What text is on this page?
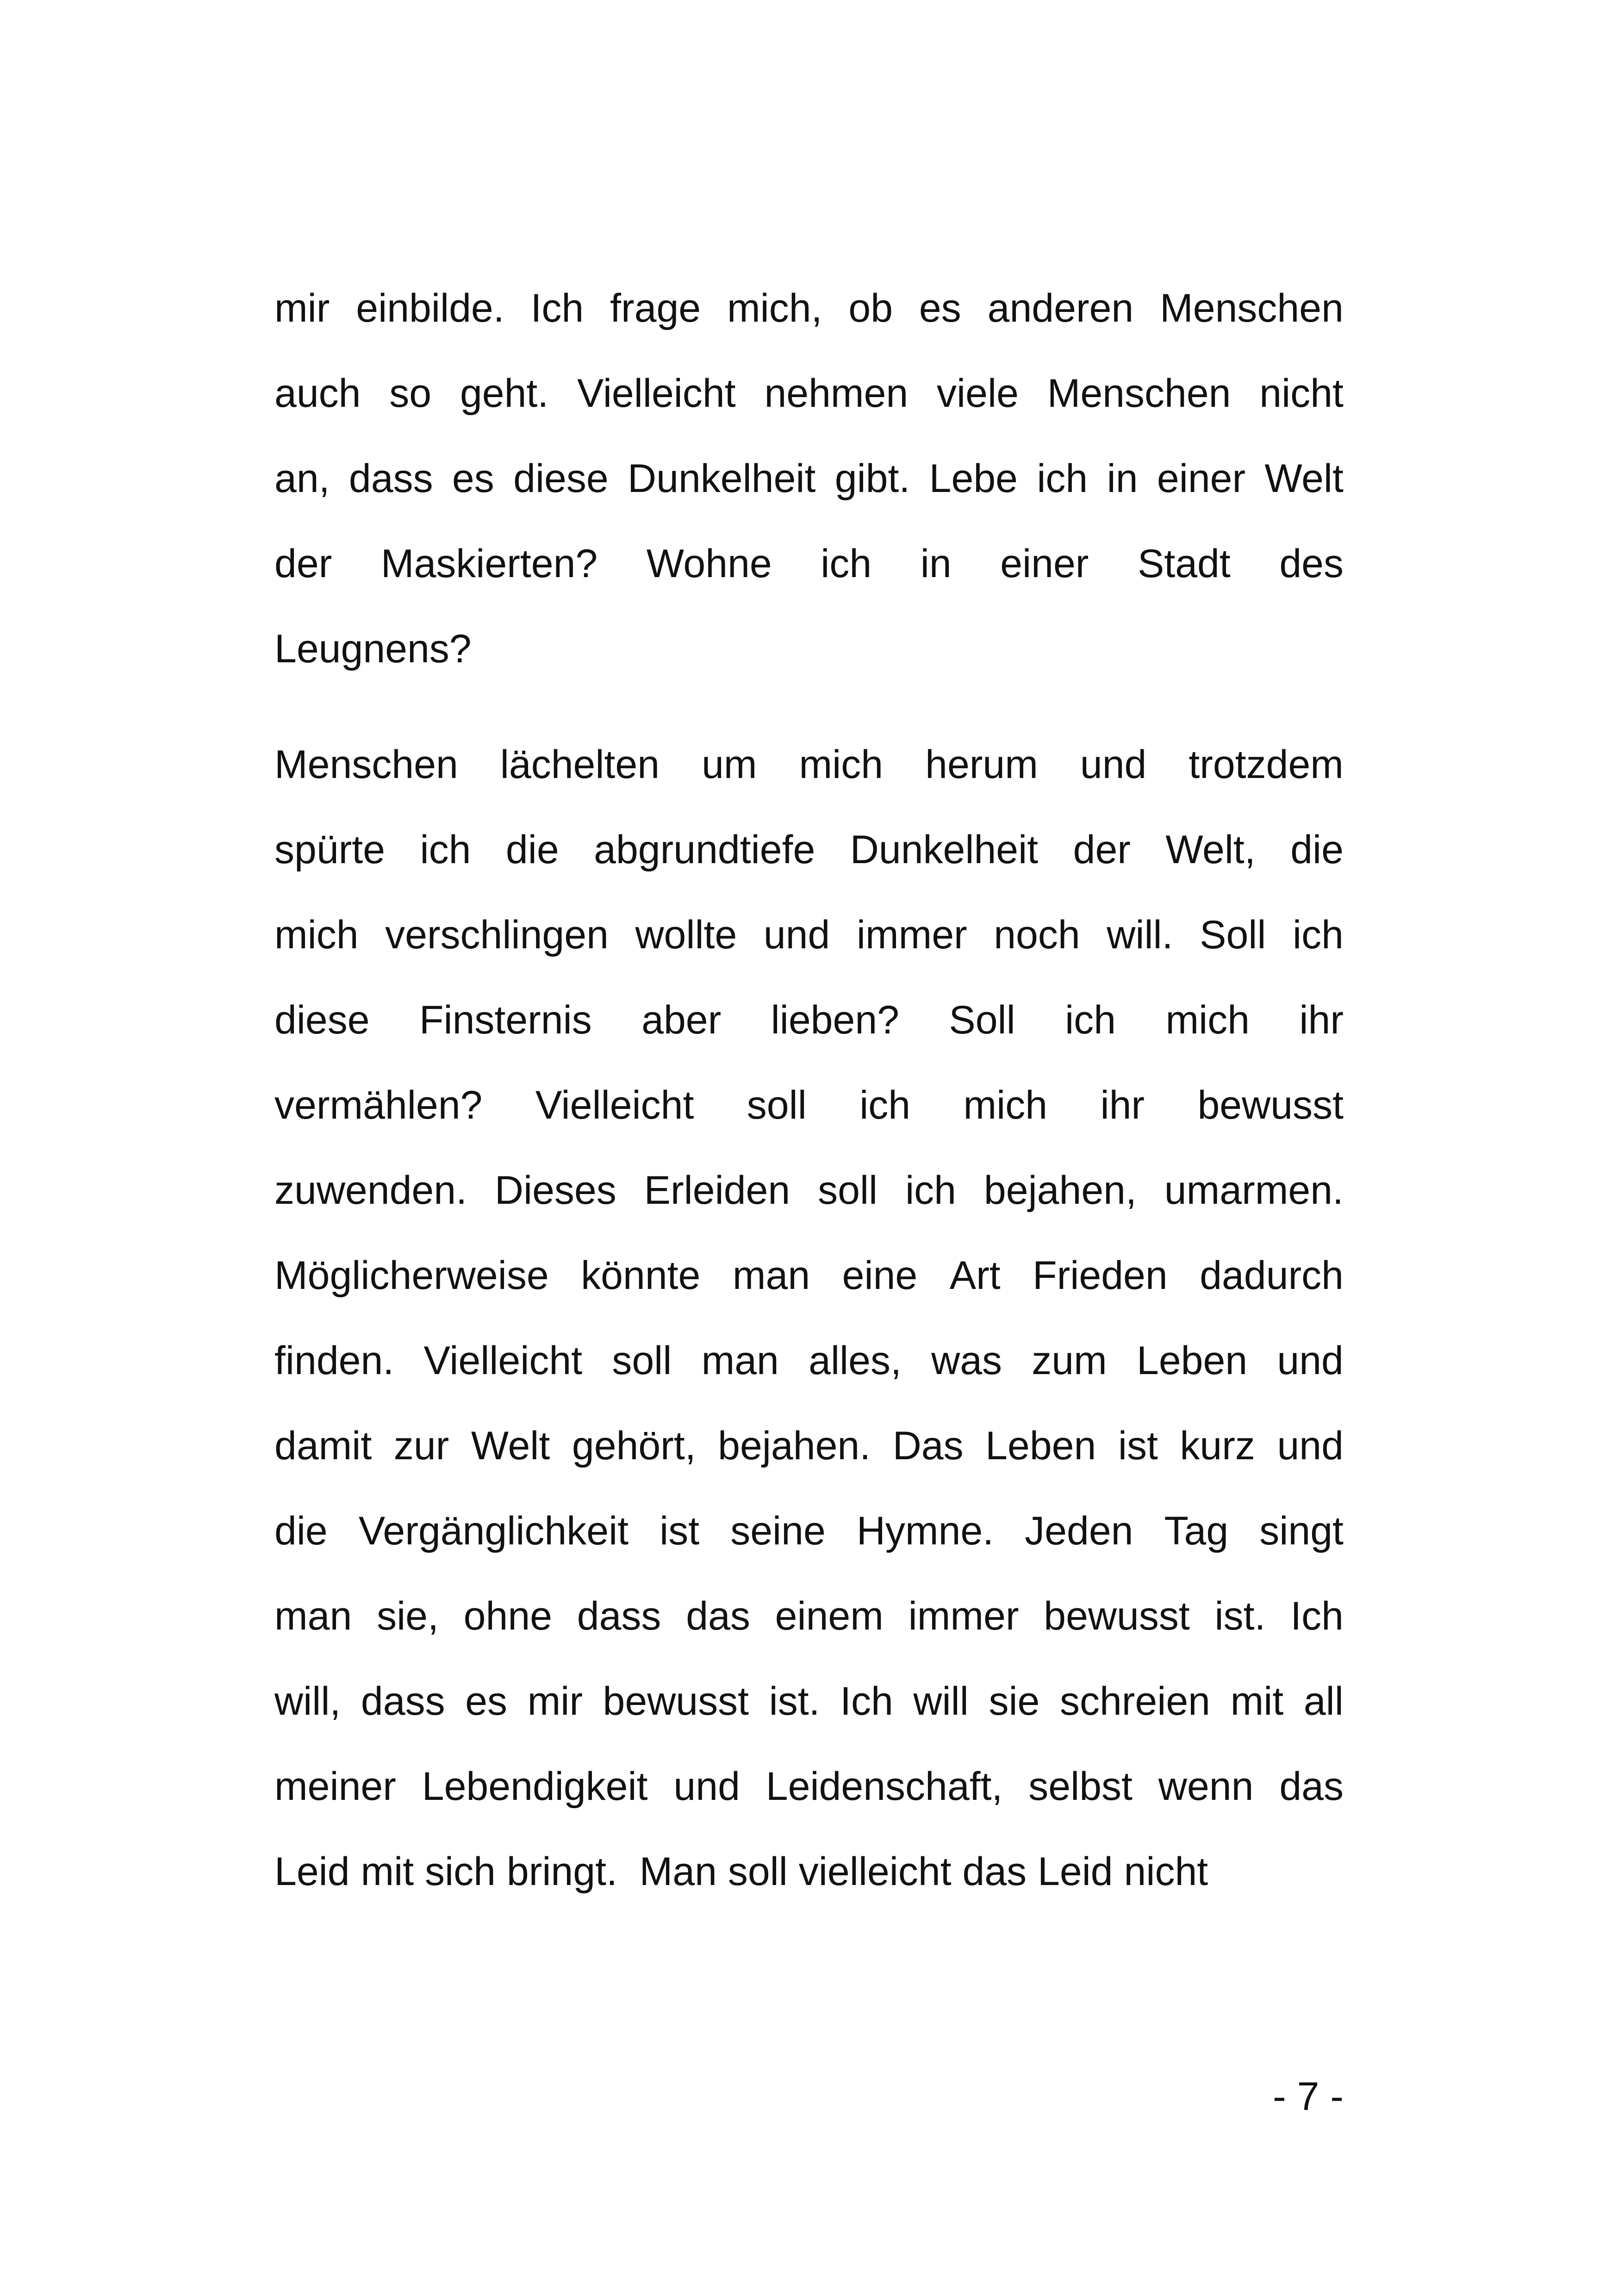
mir einbilde. Ich frage mich, ob es anderen Menschen
auch so geht. Vielleicht nehmen viele Menschen nicht
an, dass es diese Dunkelheit gibt. Lebe ich in einer Welt
der Maskierten? Wohne ich in einer Stadt des
Leugnens?
Menschen lächelten um mich herum und trotzdem
spürte ich die abgrundtiefe Dunkelheit der Welt, die
mich verschlingen wollte und immer noch will. Soll ich
diese Finsternis aber lieben? Soll ich mich ihr
vermählen? Vielleicht soll ich mich ihr bewusst
zuwenden. Dieses Erleiden soll ich bejahen, umarmen.
Möglicherweise könnte man eine Art Frieden dadurch
finden. Vielleicht soll man alles, was zum Leben und
damit zur Welt gehört, bejahen. Das Leben ist kurz und
die Vergänglichkeit ist seine Hymne. Jeden Tag singt
man sie, ohne dass das einem immer bewusst ist. Ich
will, dass es mir bewusst ist. Ich will sie schreien mit all
meiner Lebendigkeit und Leidenschaft, selbst wenn das
Leid mit sich bringt.  Man soll vielleicht das Leid nicht
- 7 -
